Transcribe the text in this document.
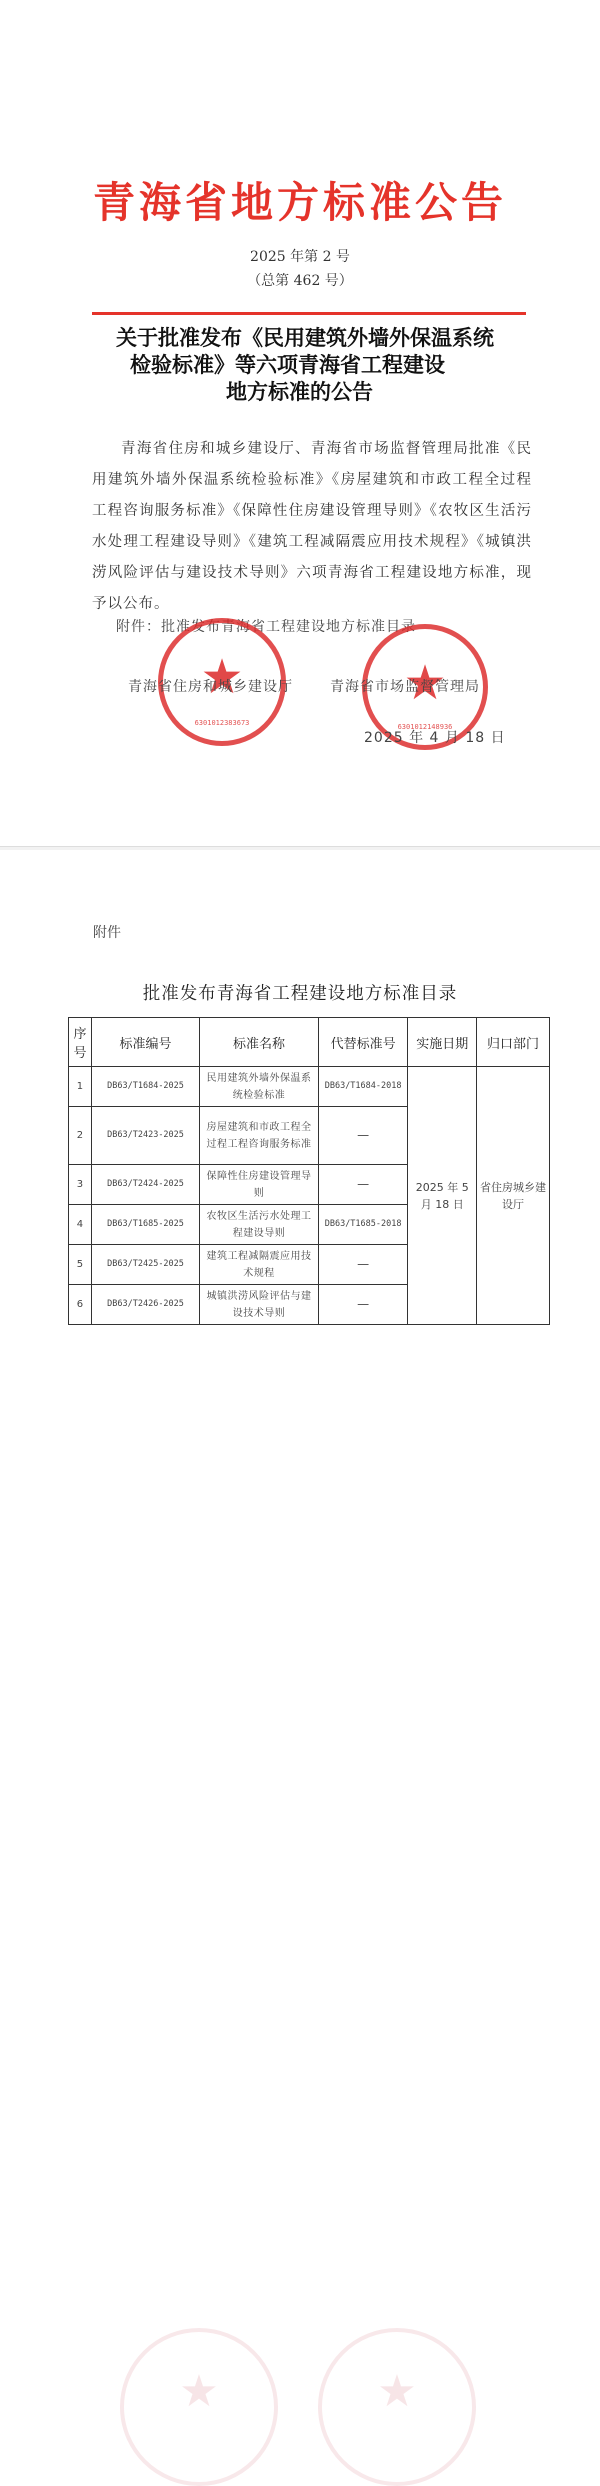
青海省地方标准公告
2025 年第 2 号
（总第 462 号）
关于批准发布《民用建筑外墙外保温系统
检验标准》等六项青海省工程建设
地方标准的公告
青海省住房和城乡建设厅、青海省市场监督管理局批准《民用建筑外墙外保温系统检验标准》《房屋建筑和市政工程全过程工程咨询服务标准》《保障性住房建设管理导则》《农牧区生活污水处理工程建设导则》《建筑工程减隔震应用技术规程》《城镇洪涝风险评估与建设技术导则》六项青海省工程建设地方标准，现予以公布。
附件：批准发布青海省工程建设地方标准目录
★
6301012383673
★
6301012148936
青海省住房和城乡建设厅	青海省市场监督管理局
2025 年 4 月 18 日
★	★
附件
批准发布青海省工程建设地方标准目录
序号	标准编号	标准名称	代替标准号	实施日期	归口部门
1	DB63/T1684-2025	民用建筑外墙外保温系统检验标准	DB63/T1684-2018	2025 年 5 月 18 日	省住房城乡建设厅
2	DB63/T2423-2025	房屋建筑和市政工程全过程工程咨询服务标准	—		
3	DB63/T2424-2025	保障性住房建设管理导则	—		
4	DB63/T1685-2025	农牧区生活污水处理工程建设导则	DB63/T1685-2018		
5	DB63/T2425-2025	建筑工程减隔震应用技术规程	—		
6	DB63/T2426-2025	城镇洪涝风险评估与建设技术导则	—		
